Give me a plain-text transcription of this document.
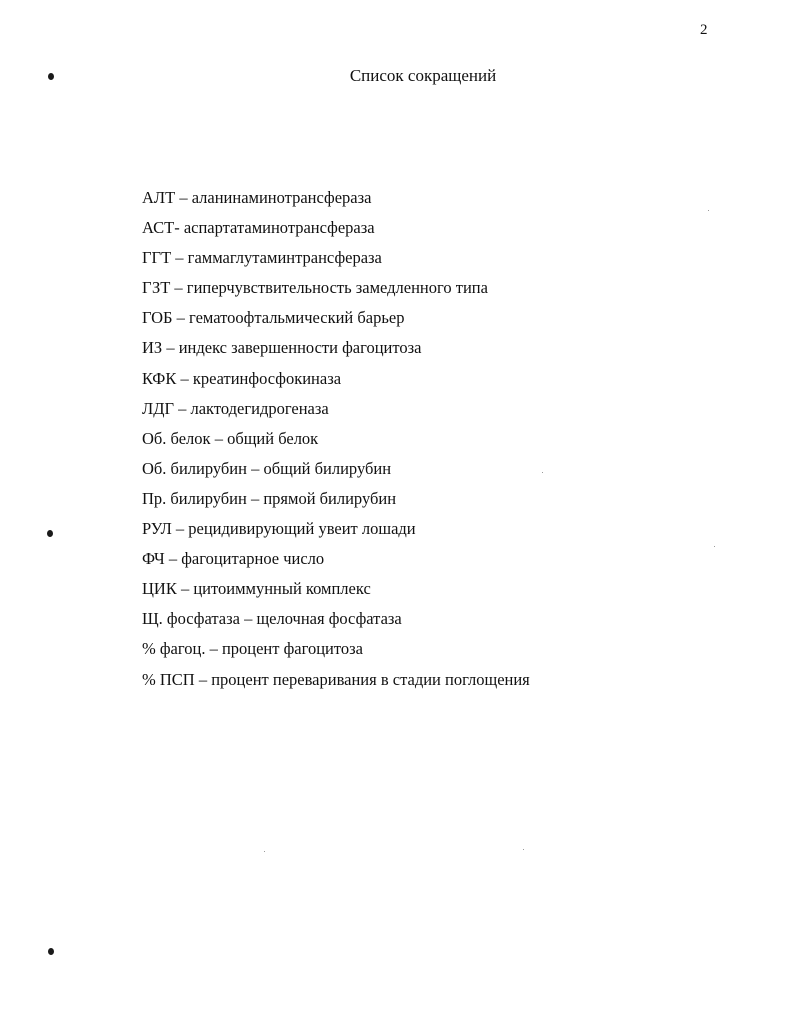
2
Список сокращений
АЛТ – аланинаминотрансфераза
АСТ- аспартатаминотрансфераза
ГГТ – гаммаглутаминтрансфераза
ГЗТ – гиперчувствительность замедленного типа
ГОБ – гематоофтальмический барьер
ИЗ – индекс завершенности фагоцитоза
КФК – креатинфосфокиназа
ЛДГ – лактодегидрогеназа
Об. белок – общий белок
Об. билирубин – общий билирубин
Пр. билирубин – прямой билирубин
РУЛ – рецидивирующий увеит лошади
ФЧ – фагоцитарное число
ЦИК – цитоиммунный комплекс
Щ. фосфатаза – щелочная фосфатаза
% фагоц. – процент фагоцитоза
% ПСП – процент переваривания в стадии поглощения
